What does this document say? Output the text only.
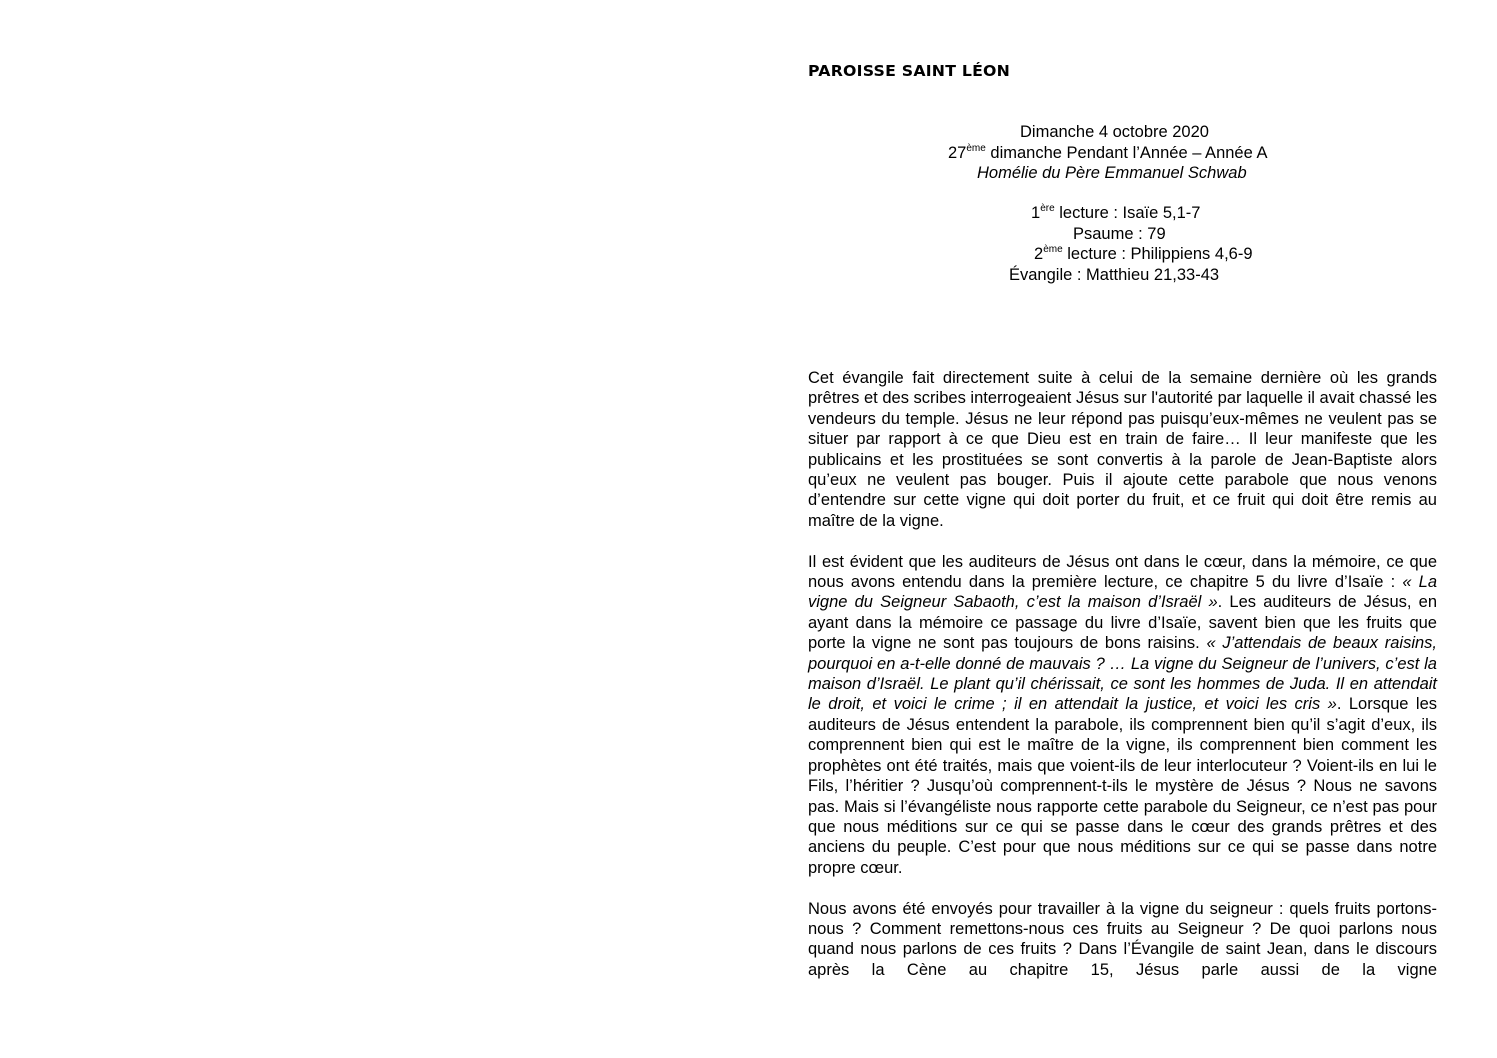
PAROISSE SAINT LÉON
Dimanche 4 octobre 2020
27ème dimanche Pendant l’Année – Année A
Homélie du Père Emmanuel Schwab
1ère lecture : Isaïe 5,1-7
Psaume : 79
2ème lecture : Philippiens 4,6-9
Évangile : Matthieu 21,33-43

Cet évangile fait directement suite à celui de la semaine dernière où les grands prêtres et des scribes interrogeaient Jésus sur l'autorité par laquelle il avait chassé les vendeurs du temple. Jésus ne leur répond pas puisqu’eux-mêmes ne veulent pas se situer par rapport à ce que Dieu est en train de faire… Il leur manifeste que les publicains et les prostituées se sont convertis à la parole de Jean-Baptiste alors qu’eux ne veulent pas bouger. Puis il ajoute cette parabole que nous venons d’entendre sur cette vigne qui doit porter du fruit, et ce fruit qui doit être remis au maître de la vigne.

Il est évident que les auditeurs de Jésus ont dans le cœur, dans la mémoire, ce que nous avons entendu dans la première lecture, ce chapitre 5 du livre d’Isaïe : « La vigne du Seigneur Sabaoth, c’est la maison d’Israël ». Les auditeurs de Jésus, en ayant dans la mémoire ce passage du livre d’Isaïe, savent bien que les fruits que porte la vigne ne sont pas toujours de bons raisins. « J’attendais de beaux raisins, pourquoi en a-t-elle donné de mauvais ? … La vigne du Seigneur de l’univers, c’est la maison d’Israël. Le plant qu’il chérissait, ce sont les hommes de Juda. Il en attendait le droit, et voici le crime ; il en attendait la justice, et voici les cris ». Lorsque les auditeurs de Jésus entendent la parabole, ils comprennent bien qu’il s’agit d’eux, ils comprennent bien qui est le maître de la vigne, ils comprennent bien comment les prophètes ont été traités, mais que voient-ils de leur interlocuteur ? Voient-ils en lui le Fils, l’héritier ? Jusqu’où comprennent-t-ils le mystère de Jésus ? Nous ne savons pas. Mais si l’évangéliste nous rapporte cette parabole du Seigneur, ce n’est pas pour que nous méditions sur ce qui se passe dans le cœur des grands prêtres et des anciens du peuple. C’est pour que nous méditions sur ce qui se passe dans notre propre cœur.

Nous avons été envoyés pour travailler à la vigne du seigneur : quels fruits portons-nous ? Comment remettons-nous ces fruits au Seigneur ? De quoi parlons nous quand nous parlons de ces fruits ? Dans l’Évangile de saint Jean, dans le discours après la Cène au chapitre 15, Jésus parle aussi de la vigne
